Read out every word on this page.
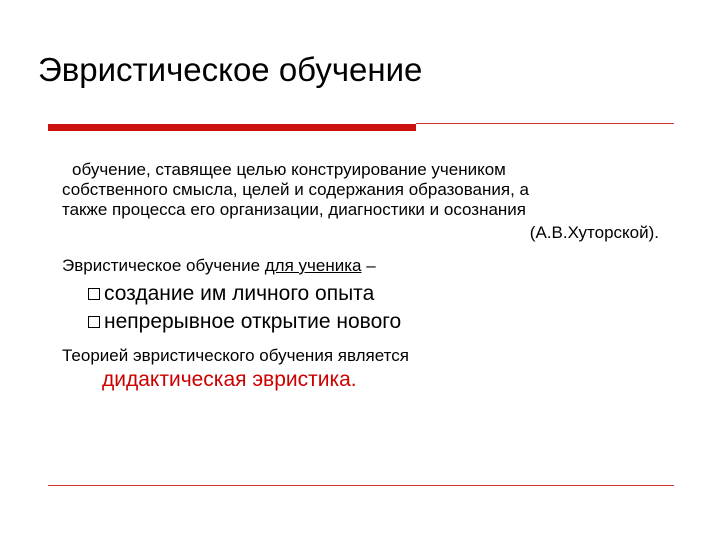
Эвристическое обучение
обучение, ставящее целью конструирование учеником
собственного смысла, целей и содержания образования, а
также процесса его организации, диагностики и осознания
(А.В.Хуторской).
Эвристическое обучение для ученика –
создание им личного опыта
непрерывное открытие нового
Теорией эвристического обучения является
дидактическая эвристика.
